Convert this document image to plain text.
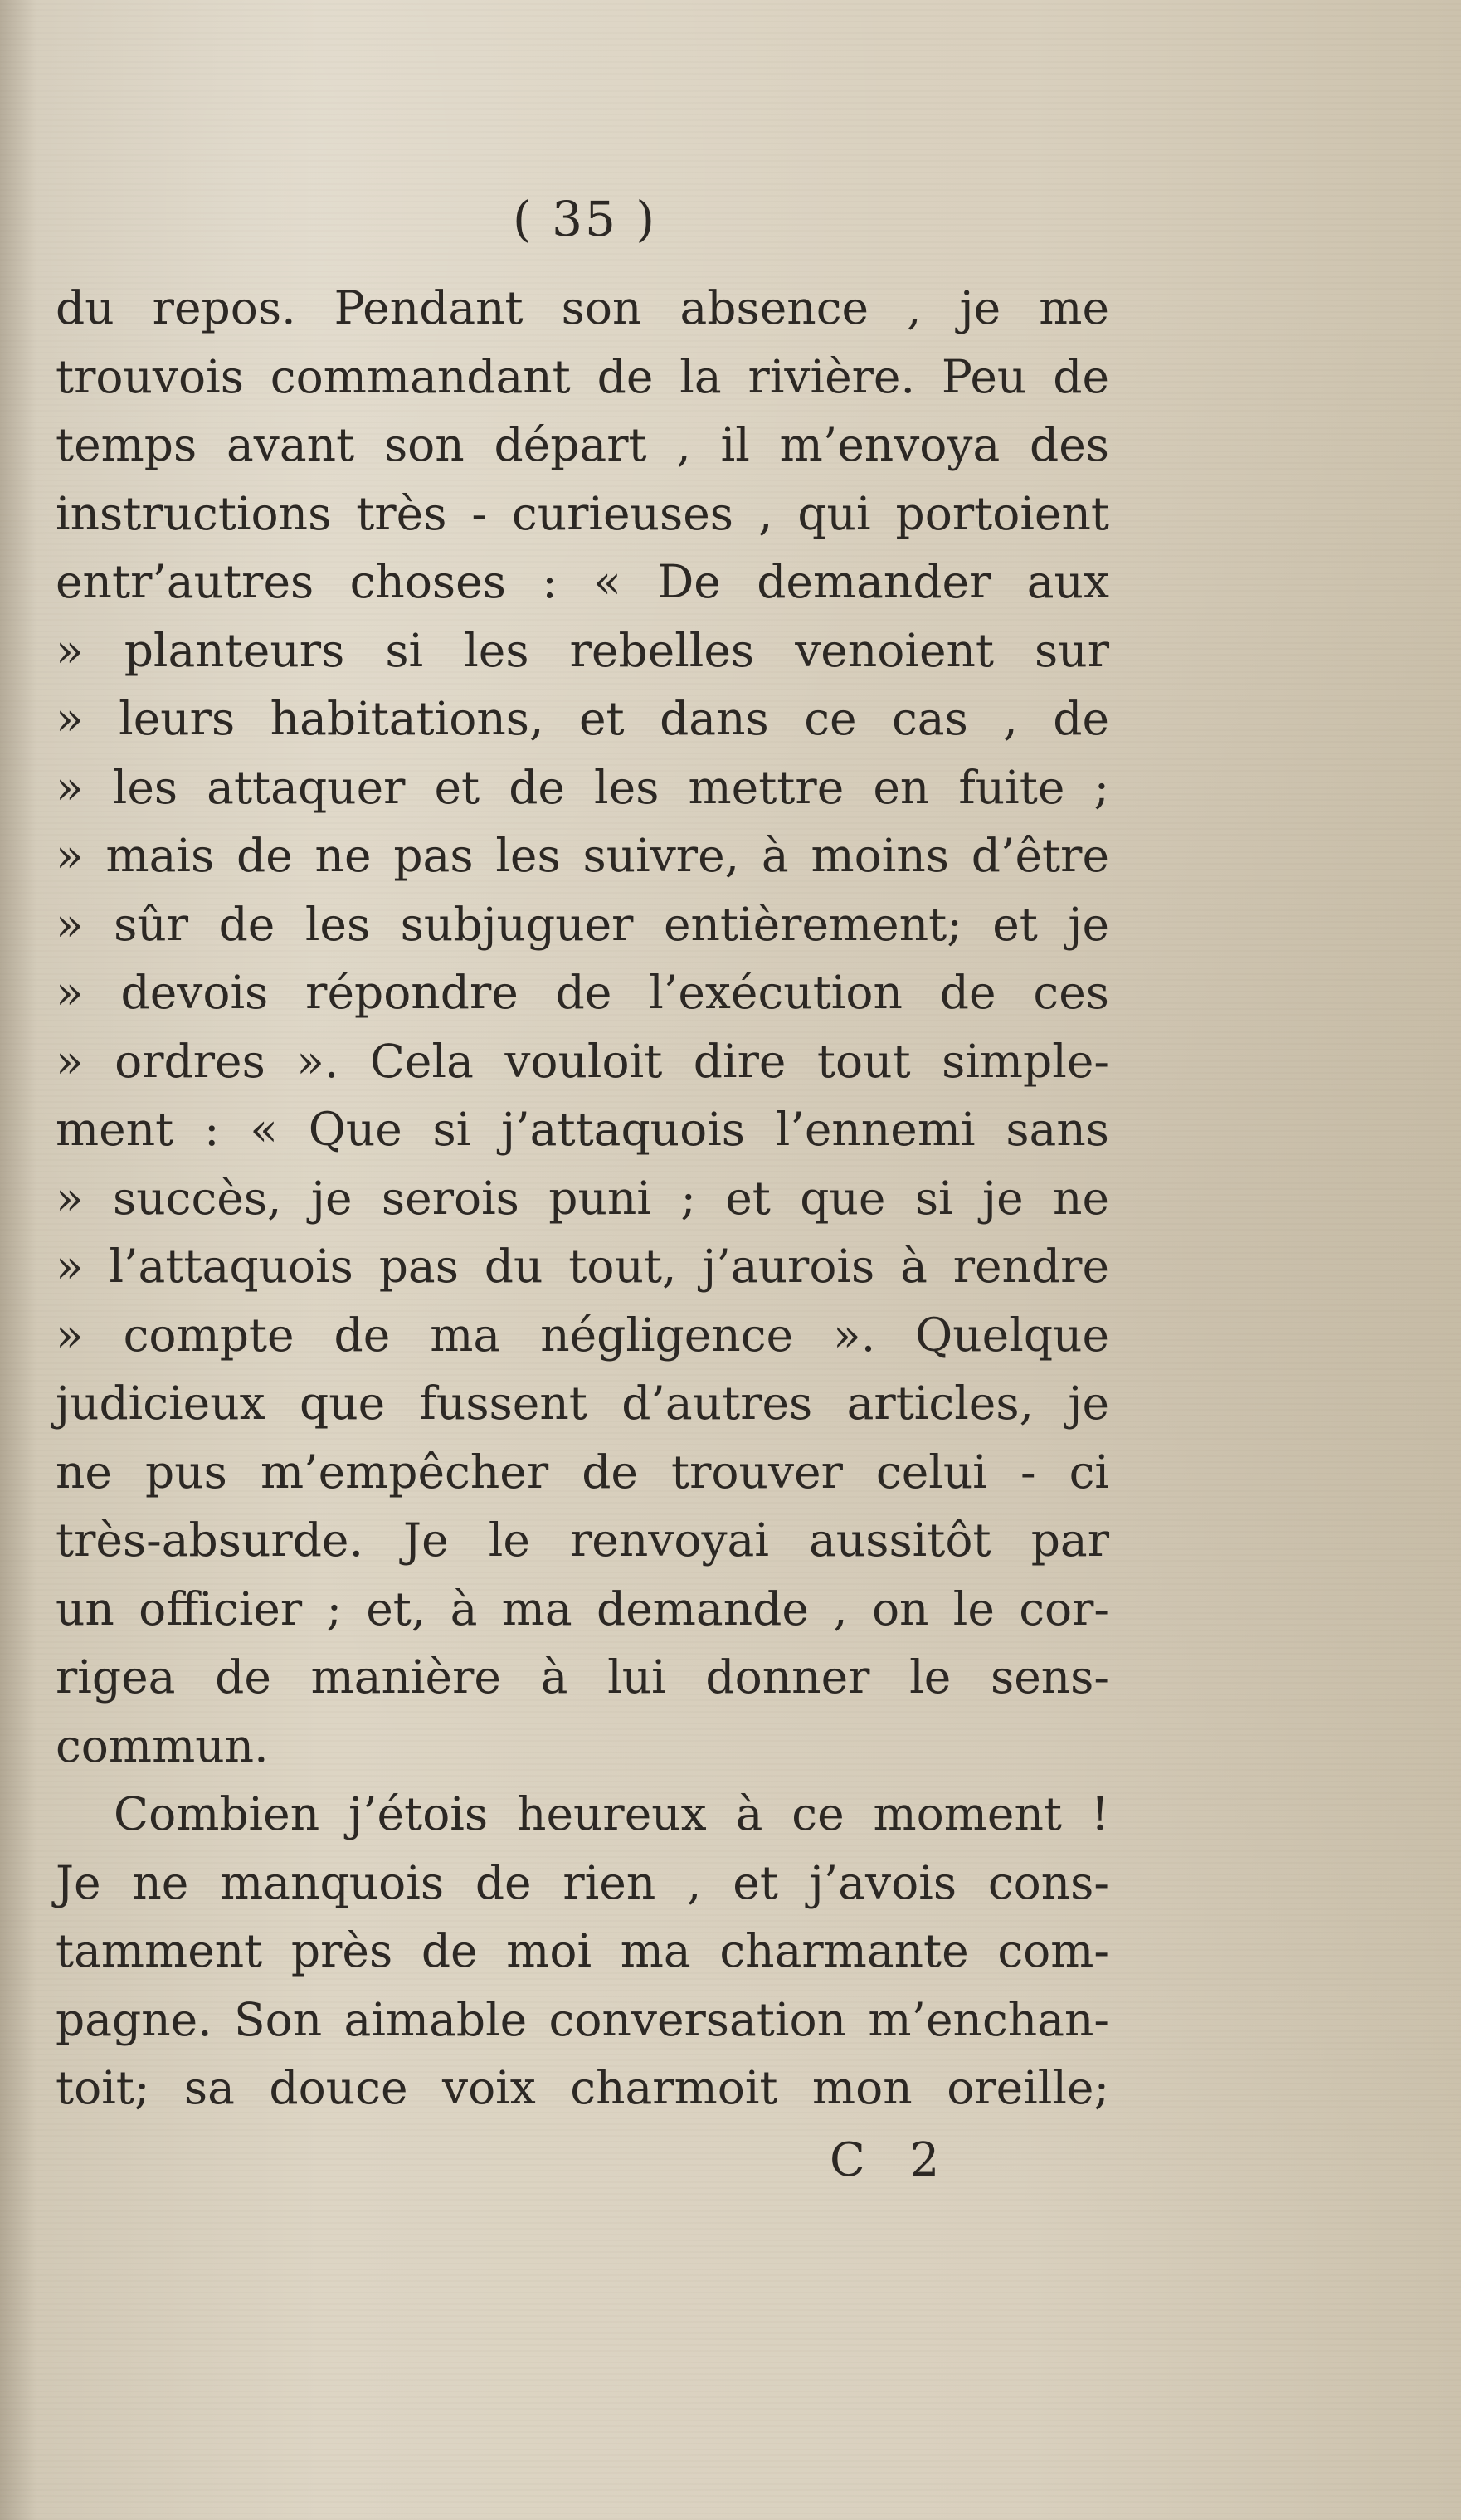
( 35 )
du repos. Pendant son absence , je me
trouvois commandant de la rivière. Peu de
temps avant son départ , il m’envoya des
instructions très - curieuses , qui portoient
entr’autres choses : « De demander aux
» planteurs si les rebelles venoient sur
» leurs habitations, et dans ce cas , de
» les attaquer et de les mettre en fuite ;
» mais de ne pas les suivre, à moins d’être
» sûr de les subjuguer entièrement; et je
» devois répondre de l’exécution de ces
» ordres ». Cela vouloit dire tout simple-
ment : « Que si j’attaquois l’ennemi sans
» succès, je serois puni ; et que si je ne
» l’attaquois pas du tout, j’aurois à rendre
» compte de ma négligence ». Quelque
judicieux que fussent d’autres articles, je
ne pus m’empêcher de trouver celui - ci
très-absurde. Je le renvoyai aussitôt par
un officier ; et, à ma demande , on le cor-
rigea de manière à lui donner le sens-
commun.
Combien j’étois heureux à ce moment !
Je ne manquois de rien , et j’avois cons-
tamment près de moi ma charmante com-
pagne. Son aimable conversation m’enchan-
toit; sa douce voix charmoit mon oreille;
C 2
